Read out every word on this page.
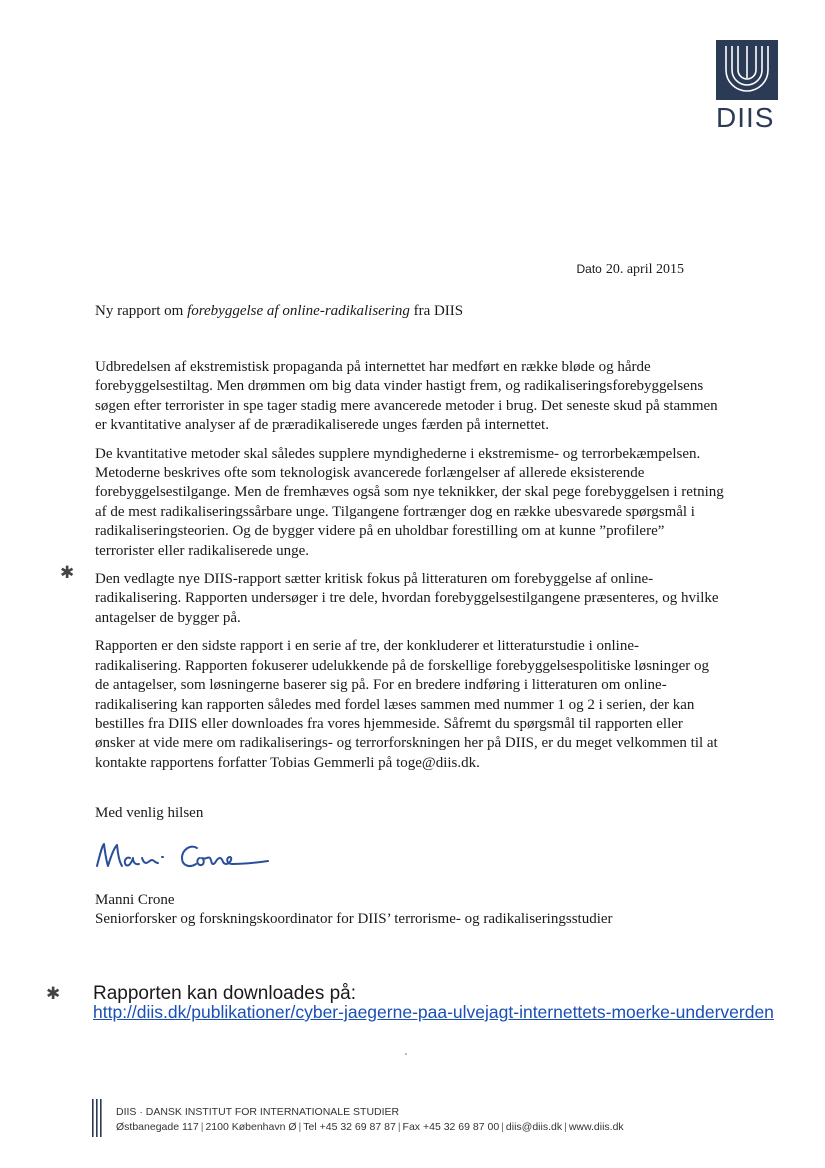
DIIS
Dato 20. april 2015
Ny rapport om forebyggelse af online-radikalisering fra DIIS

Udbredelsen af ekstremistisk propaganda på internettet har medført en række bløde og hårde forebyggelsestiltag. Men drømmen om big data vinder hastigt frem, og radikaliseringsforebyggelsens søgen efter terrorister in spe tager stadig mere avancerede metoder i brug. Det seneste skud på stammen er kvantitative analyser af de præradikaliserede unges færden på internettet.

De kvantitative metoder skal således supplere myndighederne i ekstremisme- og terrorbekæmpelsen. Metoderne beskrives ofte som teknologisk avancerede forlængelser af allerede eksisterende forebyggelsestilgange. Men de fremhæves også som nye teknikker, der skal pege forebyggelsen i retning af de mest radikaliseringssårbare unge. Tilgangene fortrænger dog en række ubesvarede spørgsmål i radikaliseringsteorien. Og de bygger videre på en uholdbar forestilling om at kunne ”profilere” terrorister eller radikaliserede unge.

Den vedlagte nye DIIS-rapport sætter kritisk fokus på litteraturen om forebyggelse af online-radikalisering. Rapporten undersøger i tre dele, hvordan forebyggelsestilgangene præsenteres, og hvilke antagelser de bygger på.

Rapporten er den sidste rapport i en serie af tre, der konkluderer et litteraturstudie i online-radikalisering. Rapporten fokuserer udelukkende på de forskellige forebyggelsespolitiske løsninger og de antagelser, som løsningerne baserer sig på. For en bredere indføring i litteraturen om online-radikalisering kan rapporten således med fordel læses sammen med nummer 1 og 2 i serien, der kan bestilles fra DIIS eller downloades fra vores hjemmeside. Såfremt du spørgsmål til rapporten eller ønsker at vide mere om radikaliserings- og terrorforskningen her på DIIS, er du meget velkommen til at kontakte rapportens forfatter Tobias Gemmerli på toge@diis.dk.

✱
✱
Med venlig hilsen
Manni Crone
Seniorforsker og forskningskoordinator for DIIS’ terrorisme- og radikaliseringsstudier
Rapporten kan downloades på:
http://diis.dk/publikationer/cyber-jaegerne-paa-ulvejagt-internettets-moerke-underverden
DIIS · DANSK INSTITUT FOR INTERNATIONALE STUDIER
Østbanegade 117 | 2100 København Ø | Tel +45 32 69 87 87 | Fax +45 32 69 87 00 | diis@diis.dk | www.diis.dk
